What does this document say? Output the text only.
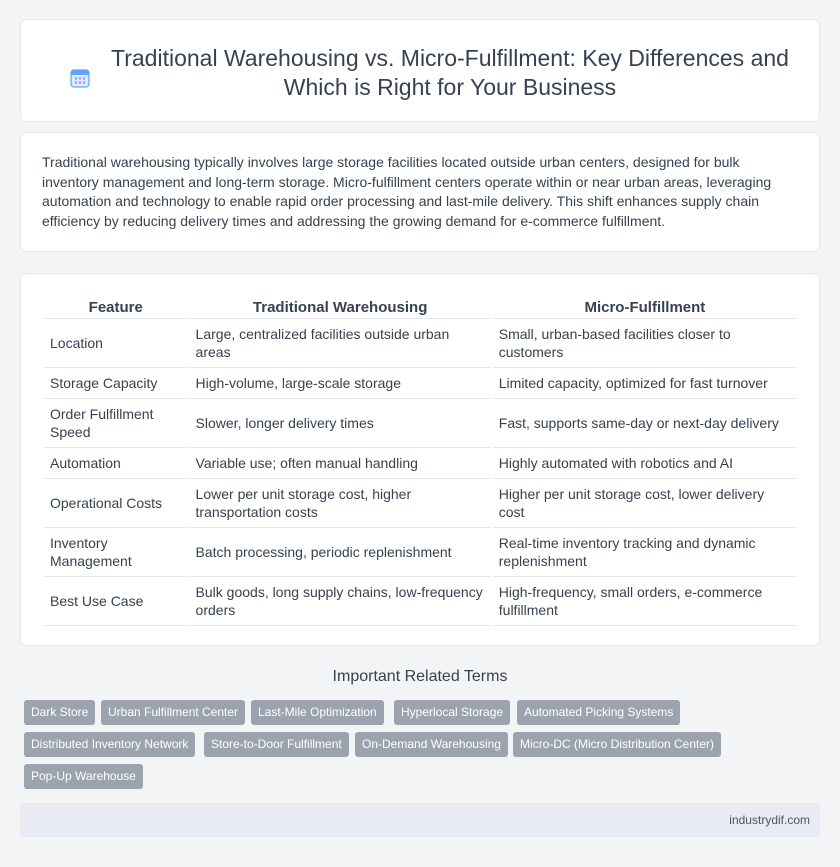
Traditional Warehousing vs. Micro-Fulfillment: Key Differences and Which is Right for Your Business

Traditional warehousing typically involves large storage facilities located outside urban centers, designed for bulk inventory management and long-term storage. Micro-fulfillment centers operate within or near urban areas, leveraging automation and technology to enable rapid order processing and last-mile delivery. This shift enhances supply chain efficiency by reducing delivery times and addressing the growing demand for e-commerce fulfillment.

Feature	Traditional Warehousing	Micro-Fulfillment
Location	Large, centralized facilities outside urban areas	Small, urban-based facilities closer to customers
Storage Capacity	High-volume, large-scale storage	Limited capacity, optimized for fast turnover
Order Fulfillment Speed	Slower, longer delivery times	Fast, supports same-day or next-day delivery
Automation	Variable use; often manual handling	Highly automated with robotics and AI
Operational Costs	Lower per unit storage cost, higher transportation costs	Higher per unit storage cost, lower delivery cost
Inventory Management	Batch processing, periodic replenishment	Real-time inventory tracking and dynamic replenishment
Best Use Case	Bulk goods, long supply chains, low-frequency orders	High-frequency, small orders, e-commerce fulfillment
Important Related Terms
Dark Store	Urban Fulfillment Center	Last-Mile Optimization	Hyperlocal Storage	Automated Picking Systems
Distributed Inventory Network	Store-to-Door Fulfillment	On-Demand Warehousing	Micro-DC (Micro Distribution Center)
Pop-Up Warehouse
industrydif.com
